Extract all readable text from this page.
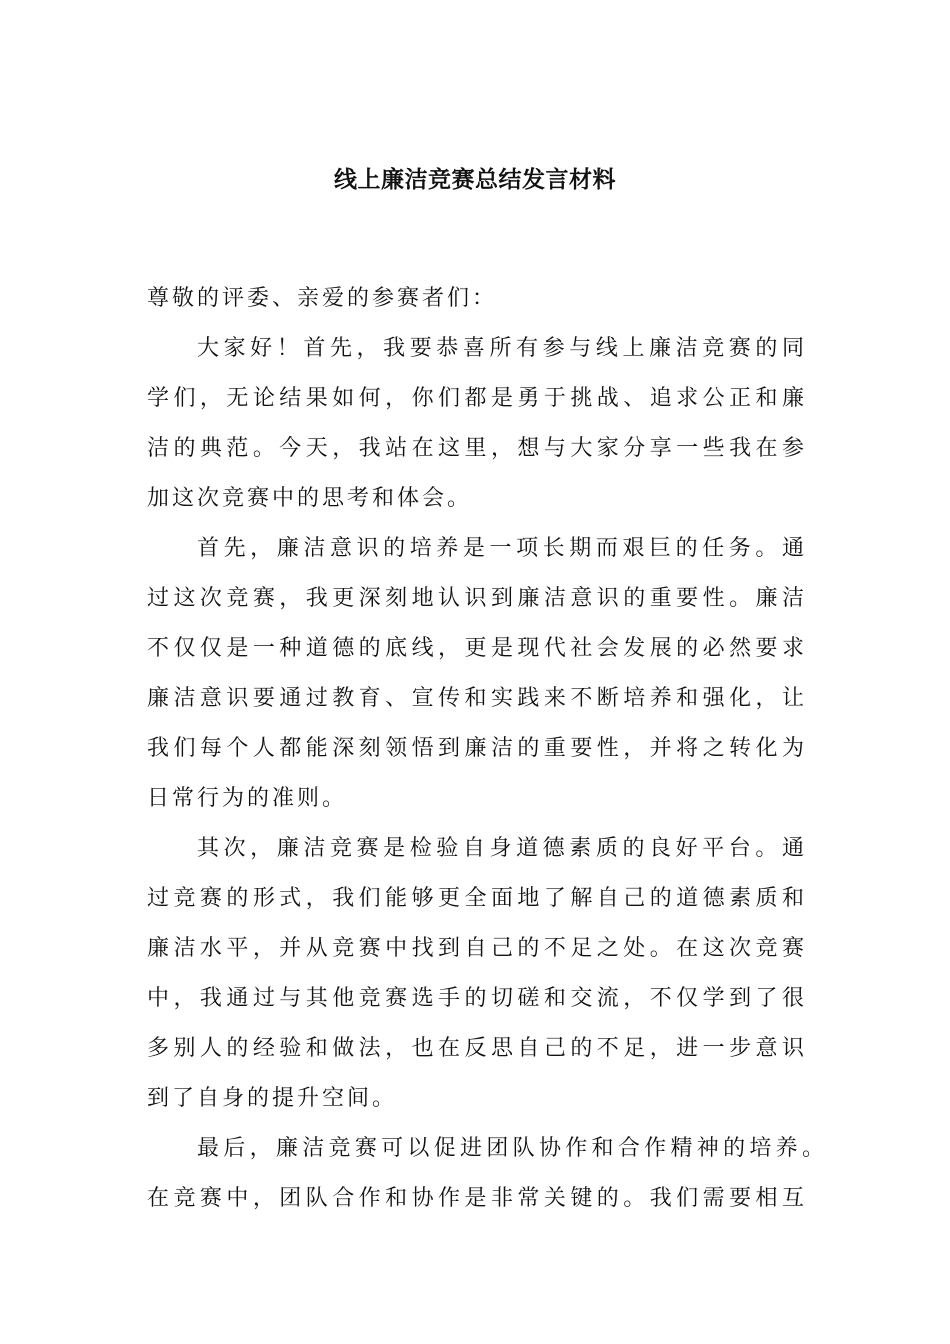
线上廉洁竞赛总结发言材料
尊敬的评委、亲爱的参赛者们：
大家好！首先，我要恭喜所有参与线上廉洁竞赛的同
学们，无论结果如何，你们都是勇于挑战、追求公正和廉
洁的典范。今天，我站在这里，想与大家分享一些我在参
加这次竞赛中的思考和体会。
首先，廉洁意识的培养是一项长期而艰巨的任务。通
过这次竞赛，我更深刻地认识到廉洁意识的重要性。廉洁
不仅仅是一种道德的底线，更是现代社会发展的必然要求
廉洁意识要通过教育、宣传和实践来不断培养和强化，让
我们每个人都能深刻领悟到廉洁的重要性，并将之转化为
日常行为的准则。
其次，廉洁竞赛是检验自身道德素质的良好平台。通
过竞赛的形式，我们能够更全面地了解自己的道德素质和
廉洁水平，并从竞赛中找到自己的不足之处。在这次竞赛
中，我通过与其他竞赛选手的切磋和交流，不仅学到了很
多别人的经验和做法，也在反思自己的不足，进一步意识
到了自身的提升空间。
最后，廉洁竞赛可以促进团队协作和合作精神的培养。
在竞赛中，团队合作和协作是非常关键的。我们需要相互
